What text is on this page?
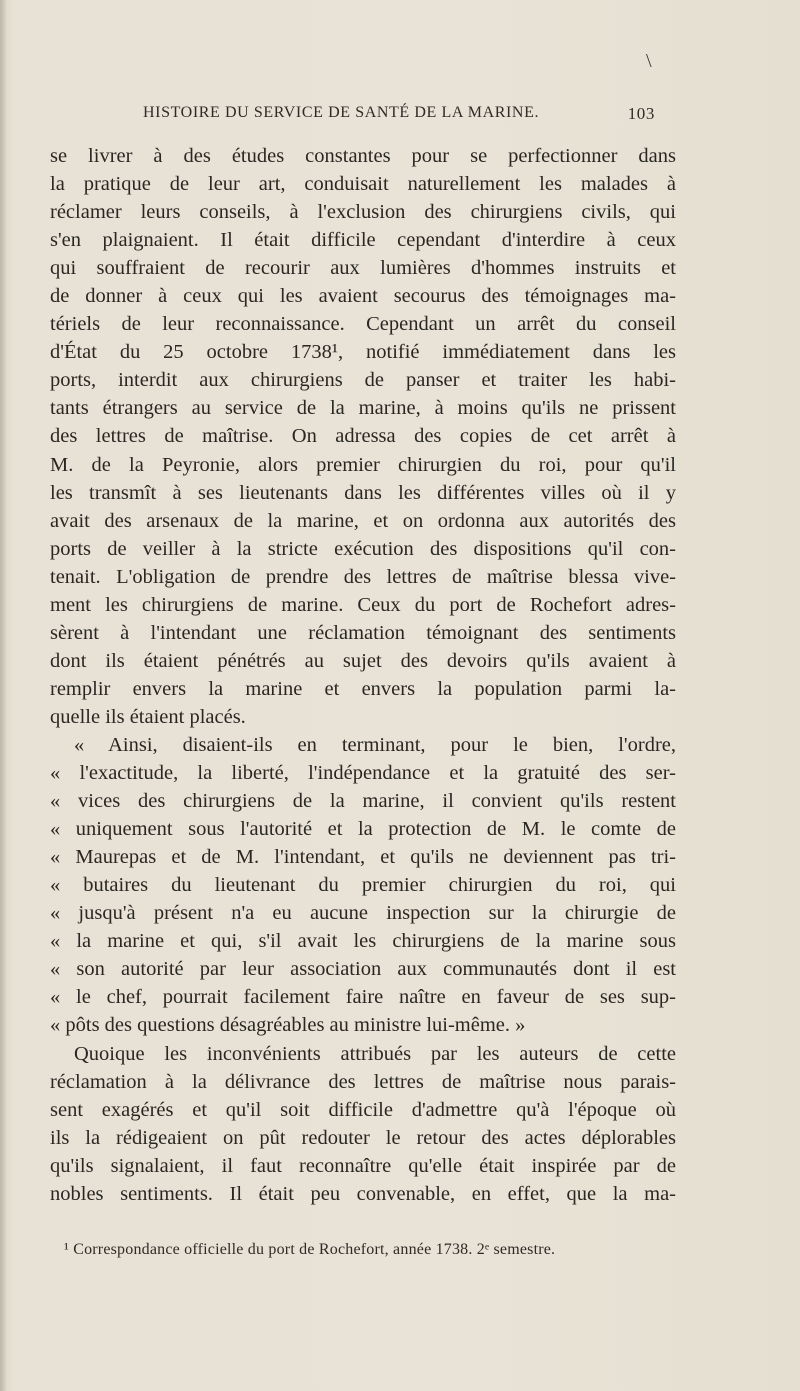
\
HISTOIRE DU SERVICE DE SANTÉ DE LA MARINE.	103
se livrer à des études constantes pour se perfectionner dans
la pratique de leur art, conduisait naturellement les malades à
réclamer leurs conseils, à l'exclusion des chirurgiens civils, qui
s'en plaignaient. Il était difficile cependant d'interdire à ceux
qui souffraient de recourir aux lumières d'hommes instruits et
de donner à ceux qui les avaient secourus des témoignages ma-
tériels de leur reconnaissance. Cependant un arrêt du conseil
d'État du 25 octobre 1738¹, notifié immédiatement dans les
ports, interdit aux chirurgiens de panser et traiter les habi-
tants étrangers au service de la marine, à moins qu'ils ne prissent
des lettres de maîtrise. On adressa des copies de cet arrêt à
M. de la Peyronie, alors premier chirurgien du roi, pour qu'il
les transmît à ses lieutenants dans les différentes villes où il y
avait des arsenaux de la marine, et on ordonna aux autorités des
ports de veiller à la stricte exécution des dispositions qu'il con-
tenait. L'obligation de prendre des lettres de maîtrise blessa vive-
ment les chirurgiens de marine. Ceux du port de Rochefort adres-
sèrent à l'intendant une réclamation témoignant des sentiments
dont ils étaient pénétrés au sujet des devoirs qu'ils avaient à
remplir envers la marine et envers la population parmi la-
quelle ils étaient placés.
« Ainsi, disaient-ils en terminant, pour le bien, l'ordre,
« l'exactitude, la liberté, l'indépendance et la gratuité des ser-
« vices des chirurgiens de la marine, il convient qu'ils restent
« uniquement sous l'autorité et la protection de M. le comte de
« Maurepas et de M. l'intendant, et qu'ils ne deviennent pas tri-
« butaires du lieutenant du premier chirurgien du roi, qui
« jusqu'à présent n'a eu aucune inspection sur la chirurgie de
« la marine et qui, s'il avait les chirurgiens de la marine sous
« son autorité par leur association aux communautés dont il est
« le chef, pourrait facilement faire naître en faveur de ses sup-
« pôts des questions désagréables au ministre lui-même. »
Quoique les inconvénients attribués par les auteurs de cette
réclamation à la délivrance des lettres de maîtrise nous parais-
sent exagérés et qu'il soit difficile d'admettre qu'à l'époque où
ils la rédigeaient on pût redouter le retour des actes déplorables
qu'ils signalaient, il faut reconnaître qu'elle était inspirée par de
nobles sentiments. Il était peu convenable, en effet, que la ma-
¹ Correspondance officielle du port de Rochefort, année 1738. 2ᵉ semestre.
